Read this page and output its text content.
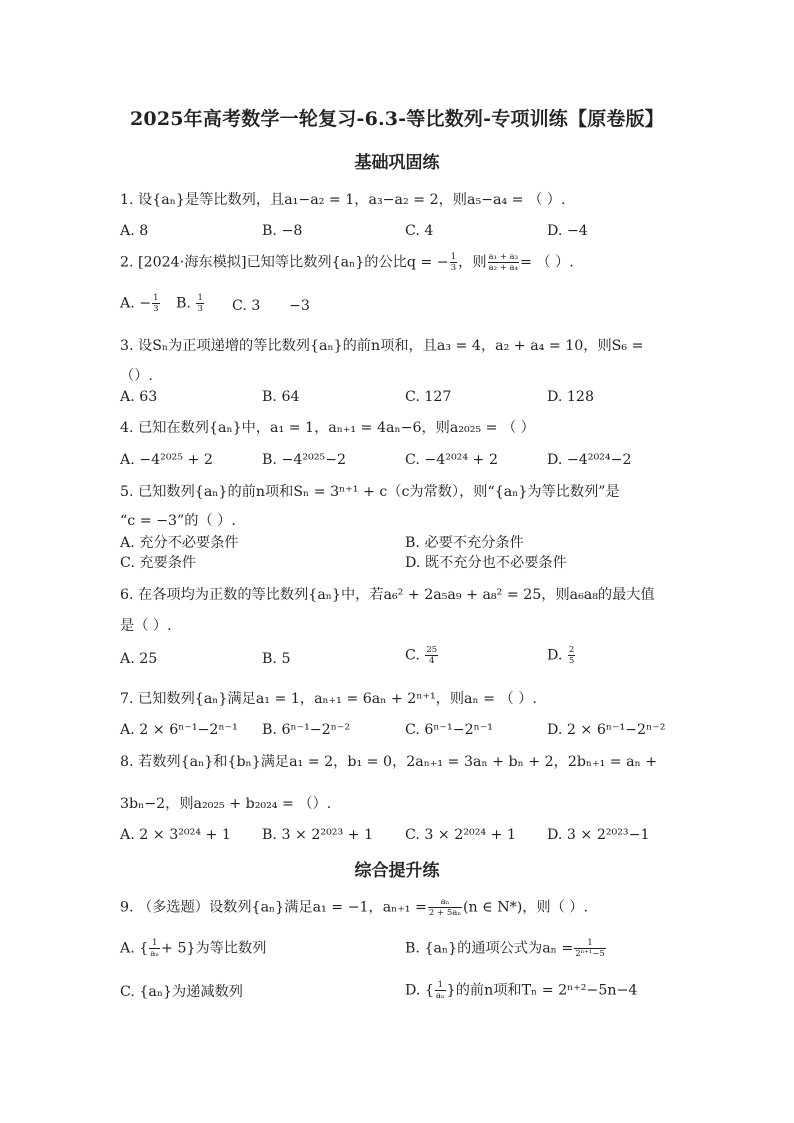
2025年高考数学一轮复习-6.3-等比数列-专项训练【原卷版】
基础巩固练
1. 设{aₙ}是等比数列，且a₁−a₂ = 1，a₃−a₂ = 2，则a₅−a₄ = （ ）.
A. 8	B. −8	C. 4	D. −4
2. [2024·海东模拟]已知等比数列{aₙ}的公比q = − $\frac{1}{3}$ ，则 $\frac{\text{a₁ + a₃}}{\text{a₂ + a₄}}$ = （ ）.
A. − $\frac{1}{3} B$. $\frac{1}{3} C$. 3 −3
3. 设Sₙ为正项递增的等比数列{aₙ}的前n项和，且a₃ = 4，a₂ + a₄ = 10，则S₆ =
（）.
A. 63	B. 64	C. 127	D. 128
4. 已知在数列{aₙ}中，a₁ = 1，aₙ₊₁ = 4aₙ−6，则a₂₀₂₅ = （ ）
A. −4²⁰²⁵ + 2	B. −4²⁰²⁵−2	C. −4²⁰²⁴ + 2	D. −4²⁰²⁴−2
5. 已知数列{aₙ}的前n项和Sₙ = 3ⁿ⁺¹ + c（c为常数），则“{aₙ}为等比数列”是
“c = −3”的（ ）.
A. 充分不必要条件	B. 必要不充分条件
C. 充要条件	D. 既不充分也不必要条件
6. 在各项均为正数的等比数列{aₙ}中，若a₆² + 2a₅a₉ + a₈² = 25，则a₆a₈的最大值
是（ ）.
A. 25	B. 5	C. $\frac{25}{4}$	D. $\frac{2}{5}$
7. 已知数列{aₙ}满足a₁ = 1，aₙ₊₁ = 6aₙ + 2ⁿ⁺¹，则aₙ = （ ）.
A. 2 × 6ⁿ⁻¹−2ⁿ⁻¹ B. 6ⁿ⁻¹−2ⁿ⁻²	C. 6ⁿ⁻¹−2ⁿ⁻¹	D. 2 × 6ⁿ⁻¹−2ⁿ⁻²
8. 若数列{aₙ}和{bₙ}满足a₁ = 2，b₁ = 0，2aₙ₊₁ = 3aₙ + bₙ + 2，2bₙ₊₁ = aₙ +
3bₙ−2，则a₂₀₂₅ + b₂₀₂₄ = （）.
A. 2 × 3²⁰²⁴ + 1 B. 3 × 2²⁰²³ + 1 C. 3 × 2²⁰²⁴ + 1 D. 3 × 2²⁰²³−1
综合提升练
9. （多选题）设数列{aₙ}满足a₁ = −1，$a_{n+1} = \frac{\text{aₙ}}{\text{2 + 5aₙ}} (n$ ∈ N*)，则（ ）.
A. { $\frac{1}{\text{aₙ}} + 5$}为等比数列	B. {aₙ}的通项公式为$a_n = \frac{1}{\text{2ⁿ⁺¹−5}}$
C. {aₙ}为递减数列	D. { $\frac{1}{\text{aₙ}}$ }的前n项和Tₙ = 2ⁿ⁺²−5n−4
